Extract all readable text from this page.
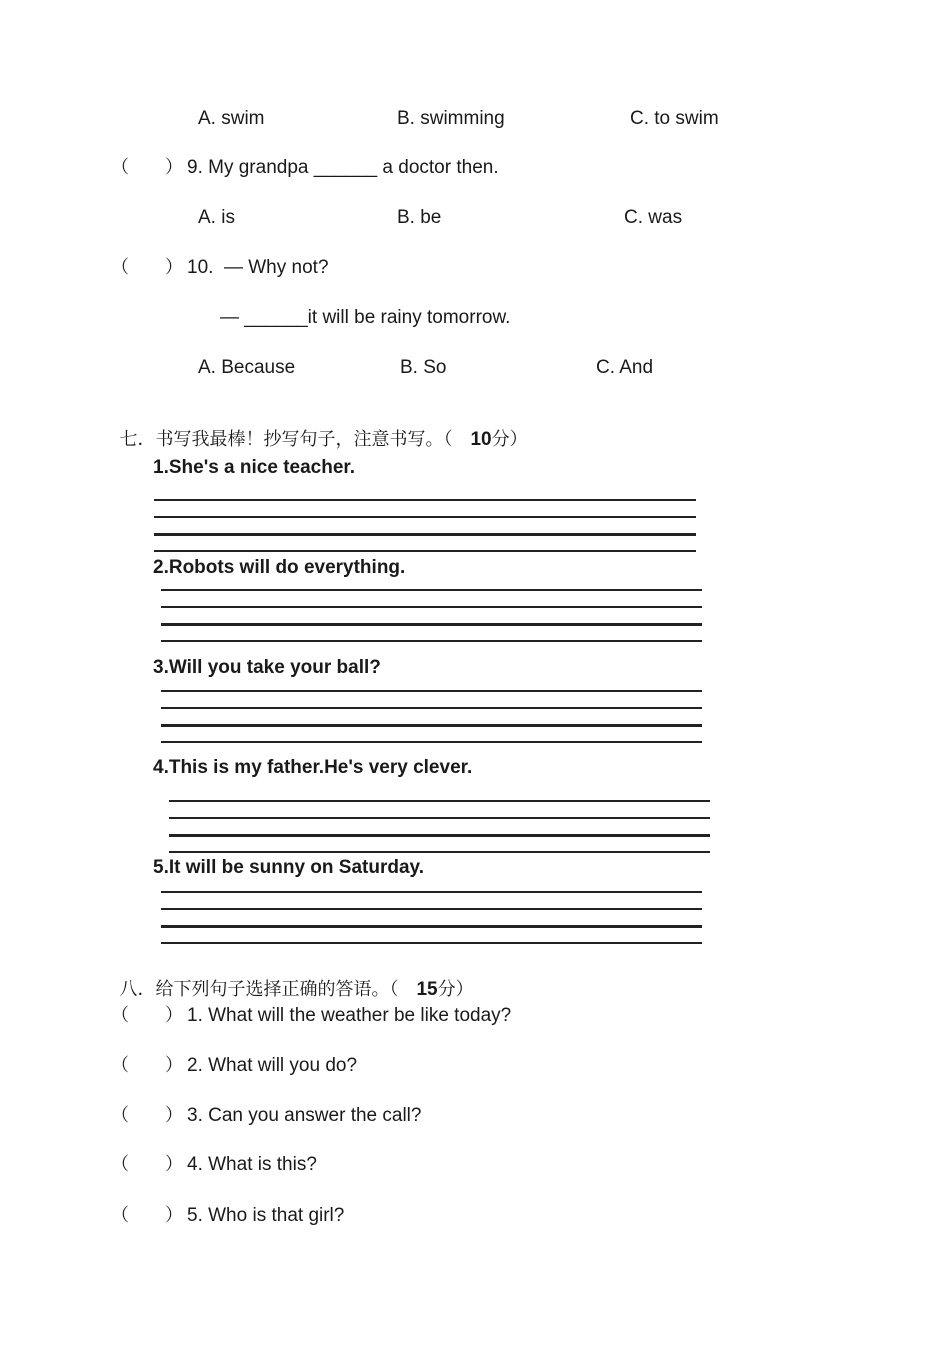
A. swim	B. swimming	C. to swim
（　　） 9. My grandpa ______ a doctor then.
A. is	B. be	C. was
（　　） 10.  — Why not?
— ______it will be rainy tomorrow.
A. Because	B. So	C. And

七．书写我最棒！抄写句子，注意书写。（ 10分）

1.She's a nice teacher.
2.Robots will do everything.
3.Will you take your ball?
4.This is my father.He's very clever.
5.It will be sunny on Saturday.

八．给下列句子选择正确的答语。（ 15分）

（　　） 1. What will the weather be like today?
（　　） 2. What will you do?
（　　） 3. Can you answer the call?
（　　） 4. What is this?
（　　） 5. Who is that girl?
